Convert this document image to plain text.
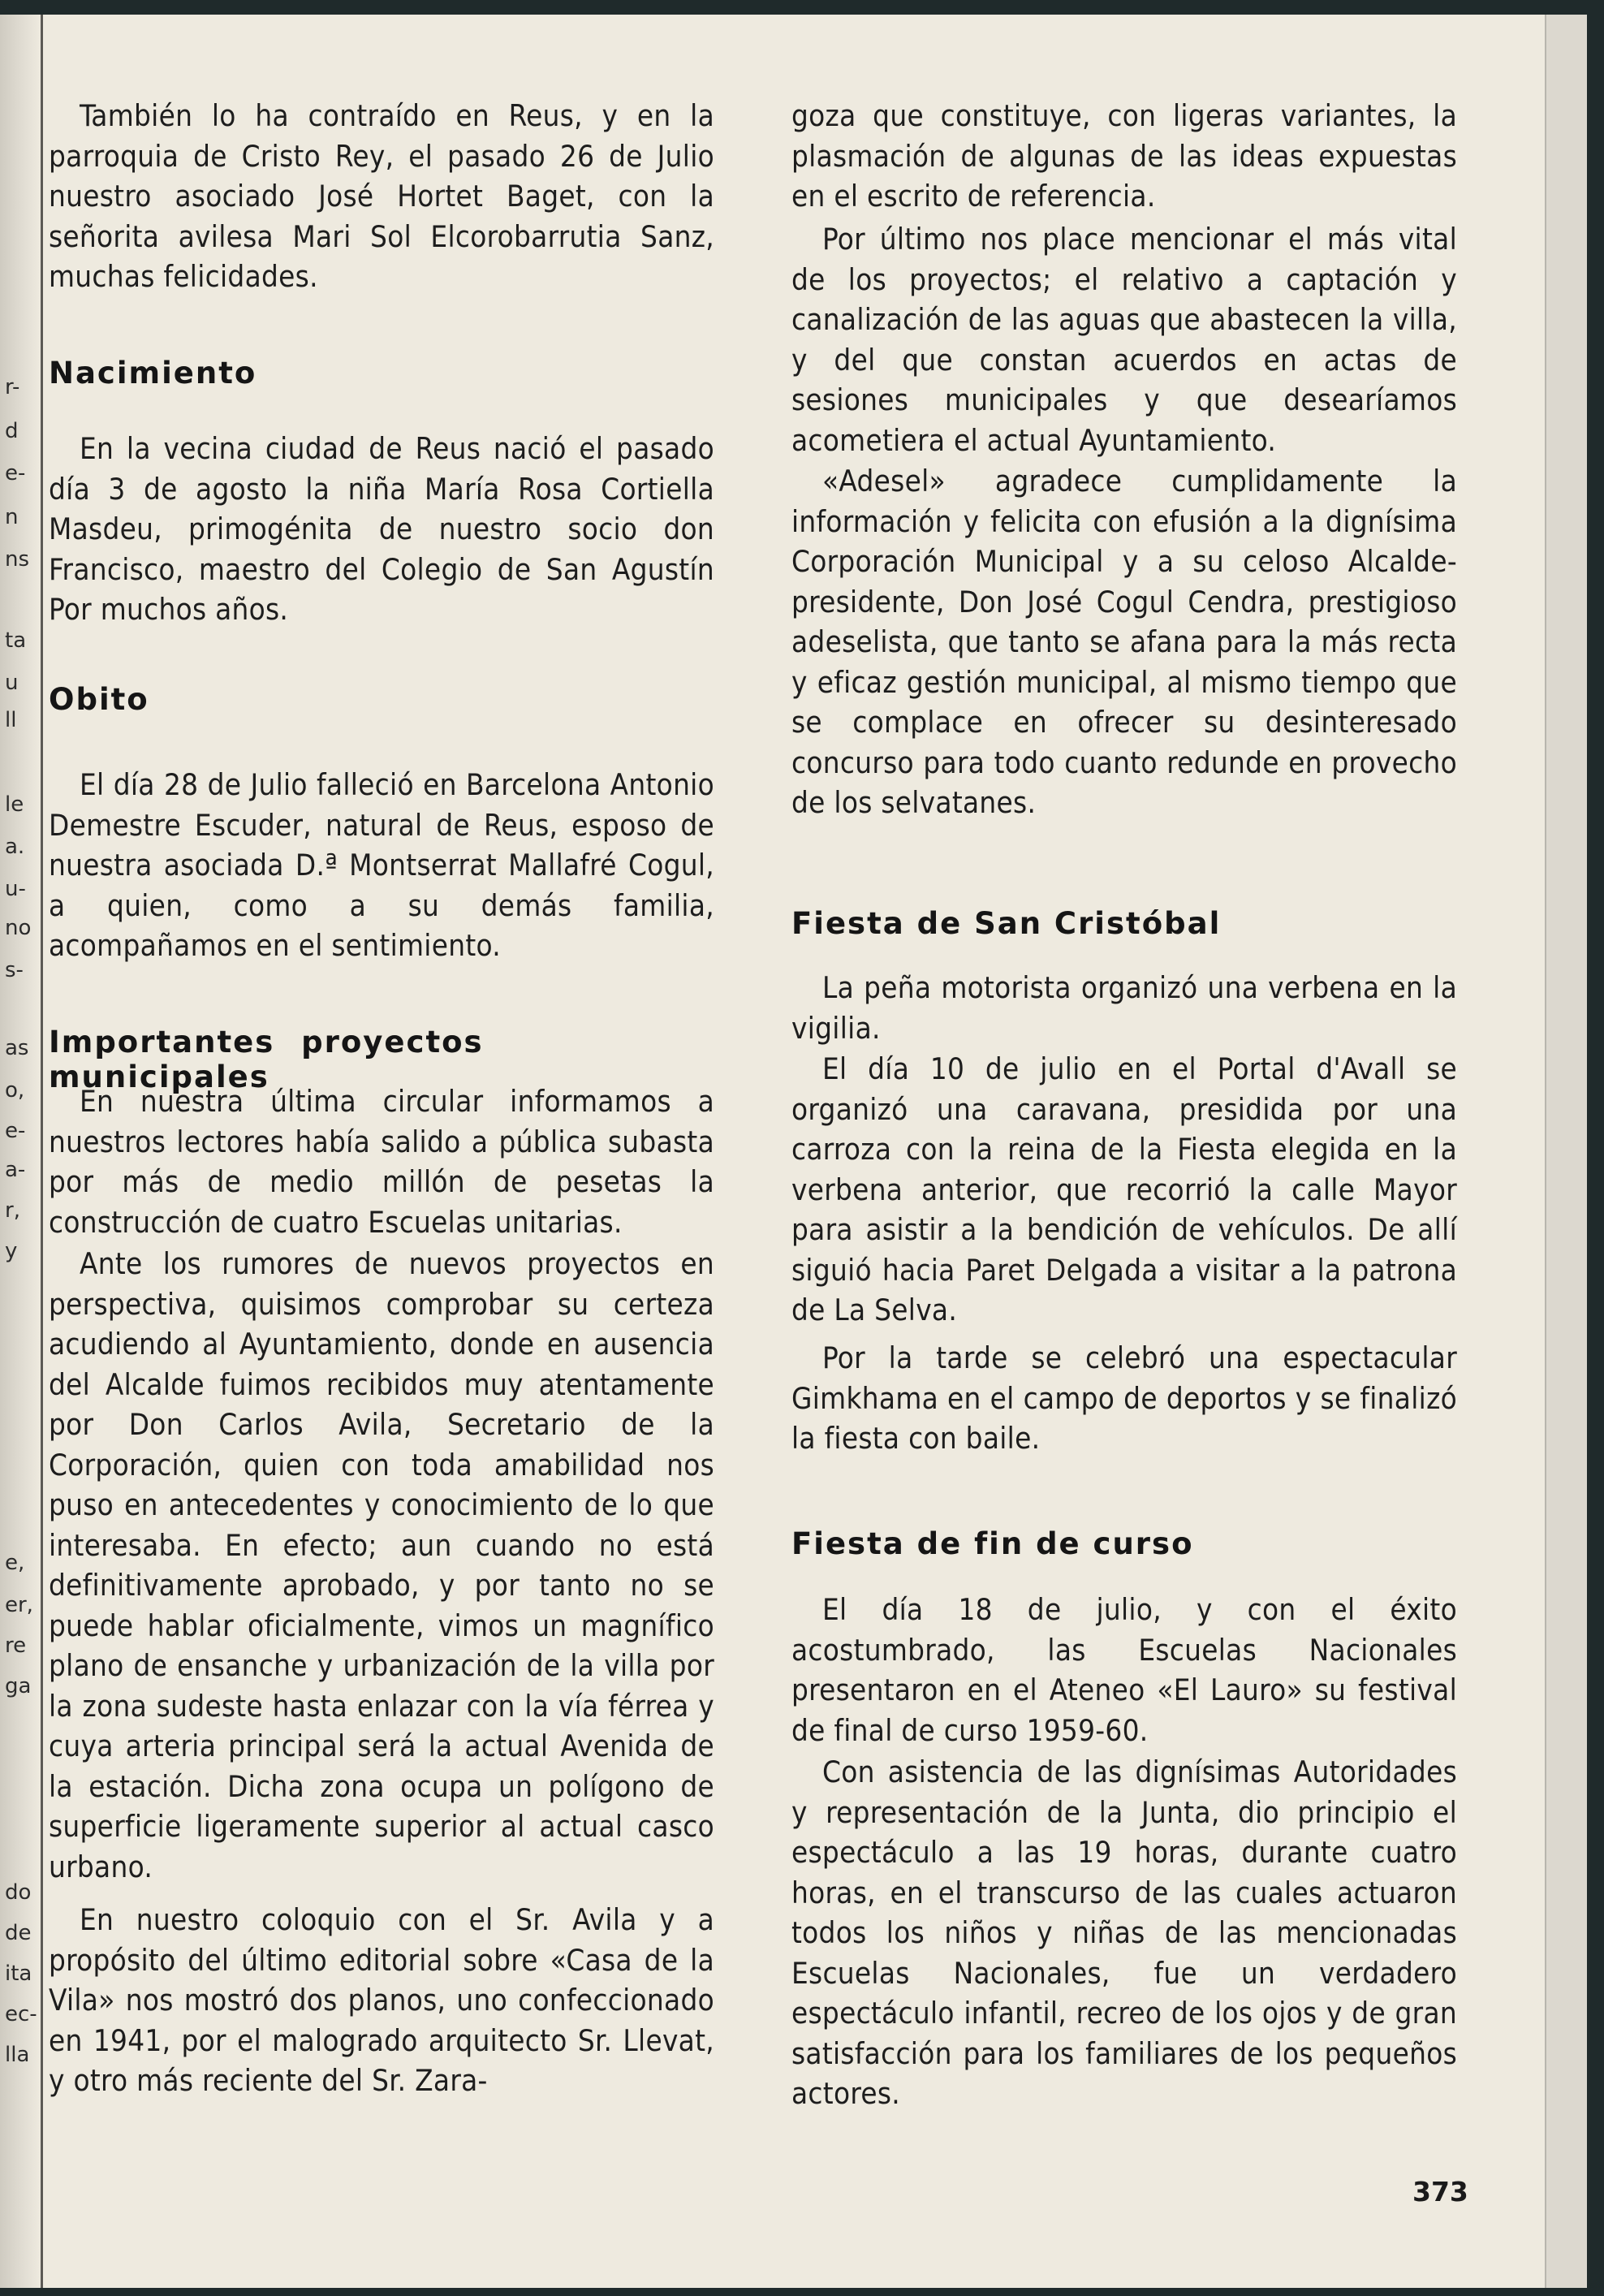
r-
d
e-
n
ns
ta
u
ll
le
a.
u-
no
s-
as
o,
e-
a-
r,
y
e,
er,
re
ga
do
de
ita
ec-
lla

También lo ha contraído en Reus, y en la parroquia de Cristo Rey, el pasado 26 de Julio nuestro asociado José Hortet Baget, con la señorita avilesa Mari Sol Elcorobarrutia Sanz, muchas felicidades.

Nacimiento

En la vecina ciudad de Reus nació el pasado día 3 de agosto la niña María Rosa Cortiella Masdeu, primogénita de nuestro socio don Francisco, maestro del Colegio de San Agustín Por muchos años.

Obito

El día 28 de Julio falleció en Barcelona Antonio Demestre Escuder, natural de Reus, esposo de nuestra asociada D.ª Montserrat Mallafré Cogul, a quien, como a su demás familia, acompañamos en el sentimiento.

Importantes proyectos municipales

En nuestra última circular informamos a nuestros lectores había salido a pública subasta por más de medio millón de pesetas la construcción de cuatro Escuelas unitarias.

Ante los rumores de nuevos proyectos en perspectiva, quisimos comprobar su certeza acudiendo al Ayuntamiento, donde en ausencia del Alcalde fuimos recibidos muy atentamente por Don Carlos Avila, Secretario de la Corporación, quien con toda amabilidad nos puso en antecedentes y conocimiento de lo que interesaba. En efecto; aun cuando no está definitivamente aprobado, y por tanto no se puede hablar oficialmente, vimos un magnífico plano de ensanche y urbanización de la villa por la zona sudeste hasta enlazar con la vía férrea y cuya arteria principal será la actual Avenida de la estación. Dicha zona ocupa un polígono de superficie ligeramente superior al actual casco urbano.

En nuestro coloquio con el Sr. Avila y a propósito del último editorial sobre «Casa de la Vila» nos mostró dos planos, uno confeccionado en 1941, por el malogrado arquitecto Sr. Llevat, y otro más reciente del Sr. Zara-

goza que constituye, con ligeras variantes, la plasmación de algunas de las ideas expuestas en el escrito de referencia.

Por último nos place mencionar el más vital de los proyectos; el relativo a captación y canalización de las aguas que abastecen la villa, y del que constan acuerdos en actas de sesiones municipales y que desearíamos acometiera el actual Ayuntamiento.

«Adesel» agradece cumplidamente la información y felicita con efusión a la dignísima Corporación Municipal y a su celoso Alcalde-presidente, Don José Cogul Cendra, prestigioso adeselista, que tanto se afana para la más recta y eficaz gestión municipal, al mismo tiempo que se complace en ofrecer su desinteresado concurso para todo cuanto redunde en provecho de los selvatanes.

Fiesta de San Cristóbal

La peña motorista organizó una verbena en la vigilia.

El día 10 de julio en el Portal d'Avall se organizó una caravana, presidida por una carroza con la reina de la Fiesta elegida en la verbena anterior, que recorrió la calle Mayor para asistir a la bendición de vehículos. De allí siguió hacia Paret Delgada a visitar a la patrona de La Selva.

Por la tarde se celebró una espectacular Gimkhama en el campo de deportos y se finalizó la fiesta con baile.

Fiesta de fin de curso

El día 18 de julio, y con el éxito acostumbrado, las Escuelas Nacionales presentaron en el Ateneo «El Lauro» su festival de final de curso 1959-60.

Con asistencia de las dignísimas Autoridades y representación de la Junta, dio principio el espectáculo a las 19 horas, durante cuatro horas, en el transcurso de las cuales actuaron todos los niños y niñas de las mencionadas Escuelas Nacionales, fue un verdadero espectáculo infantil, recreo de los ojos y de gran satisfacción para los familiares de los pequeños actores.

373
